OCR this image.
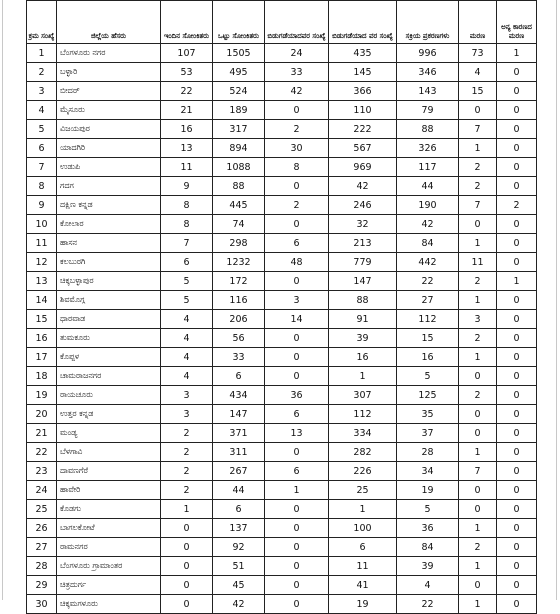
ಕ್ರಮ ಸಂಖ್ಯೆ	ಜಿಲ್ಲೆಯ ಹೆಸರು	ಇಂದಿನ ಸೋಂಕಿತರು	ಒಟ್ಟು ಸೋಂಕಿತರು	ಬಿಡುಗಡೆಯಾದವರ ಸಂಖ್ಯೆ	ಬಿಡುಗಡೆಯಾದ ವರ ಸಂಖ್ಯೆ	ಸಕ್ರಿಯ ಪ್ರಕರಣಗಳು	ಮರಣ	ಅನ್ಯ ಕಾರಣದ ಮರಣ

1	ಬೆಂಗಳೂರು ನಗರ	107	1505	24	435	996	73	1
2	ಬಳ್ಳಾರಿ	53	495	33	145	346	4	0
3	ಬೀದರ್	22	524	42	366	143	15	0
4	ಮೈಸೂರು	21	189	0	110	79	0	0
5	ವಿಜಯಪುರ	16	317	2	222	88	7	0
6	ಯಾದಗಿರಿ	13	894	30	567	326	1	0
7	ಉಡುಪಿ	11	1088	8	969	117	2	0
8	ಗದಗ	9	88	0	42	44	2	0
9	ದಕ್ಷಿಣ ಕನ್ನಡ	8	445	2	246	190	7	2
10	ಕೋಲಾರ	8	74	0	32	42	0	0
11	ಹಾಸನ	7	298	6	213	84	1	0
12	ಕಲಬುರಗಿ	6	1232	48	779	442	11	0
13	ಚಿಕ್ಕಬಳ್ಳಾಪುರ	5	172	0	147	22	2	1
14	ಶಿವಮೊಗ್ಗ	5	116	3	88	27	1	0
15	ಧಾರವಾಡ	4	206	14	91	112	3	0
16	ತುಮಕೂರು	4	56	0	39	15	2	0
17	ಕೊಪ್ಪಳ	4	33	0	16	16	1	0
18	ಚಾಮರಾಜನಗರ	4	6	0	1	5	0	0
19	ರಾಯಚೂರು	3	434	36	307	125	2	0
20	ಉತ್ತರ ಕನ್ನಡ	3	147	6	112	35	0	0
21	ಮಂಡ್ಯ	2	371	13	334	37	0	0
22	ಬೆಳಗಾವಿ	2	311	0	282	28	1	0
23	ದಾವಣಗೆರೆ	2	267	6	226	34	7	0
24	ಹಾವೇರಿ	2	44	1	25	19	0	0
25	ಕೊಡಗು	1	6	0	1	5	0	0
26	ಬಾಗಲಕೋಟೆ	0	137	0	100	36	1	0
27	ರಾಮನಗರ	0	92	0	6	84	2	0
28	ಬೆಂಗಳೂರು ಗ್ರಾಮಾಂತರ	0	51	0	11	39	1	0
29	ಚಿತ್ರದುರ್ಗ	0	45	0	41	4	0	0
30	ಚಿಕ್ಕಮಗಳೂರು	0	42	0	19	22	1	0
